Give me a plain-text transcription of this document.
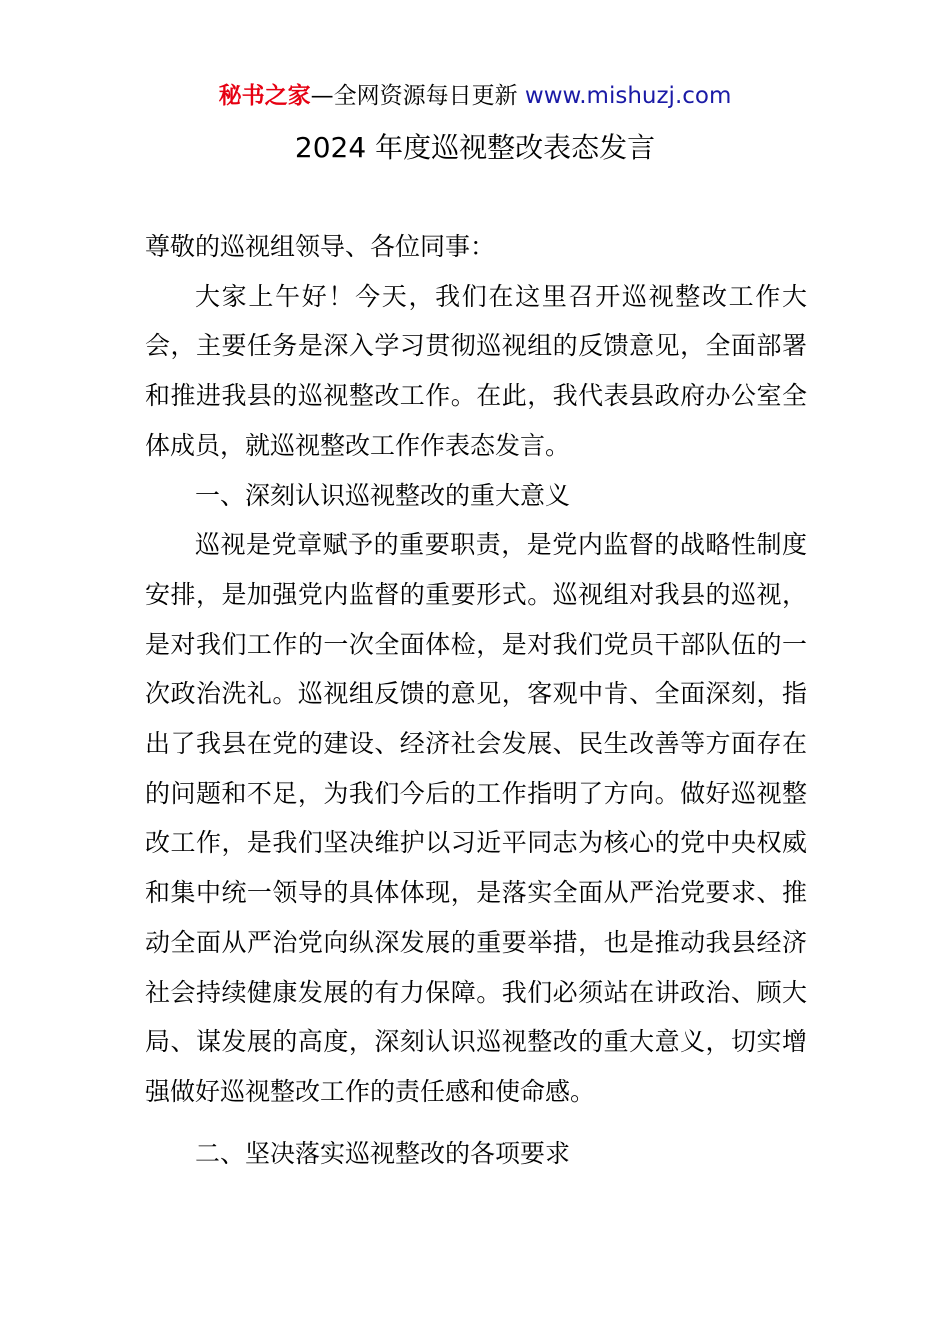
秘书之家—全网资源每日更新 www.mishuzj.com
2024 年度巡视整改表态发言

尊敬的巡视组领导、各位同事：

大家上午好！今天，我们在这里召开巡视整改工作大会，主要任务是深入学习贯彻巡视组的反馈意见，全面部署和推进我县的巡视整改工作。在此，我代表县政府办公室全体成员，就巡视整改工作作表态发言。

一、深刻认识巡视整改的重大意义

巡视是党章赋予的重要职责，是党内监督的战略性制度安排，是加强党内监督的重要形式。巡视组对我县的巡视，是对我们工作的一次全面体检，是对我们党员干部队伍的一次政治洗礼。巡视组反馈的意见，客观中肯、全面深刻，指出了我县在党的建设、经济社会发展、民生改善等方面存在的问题和不足，为我们今后的工作指明了方向。做好巡视整改工作，是我们坚决维护以习近平同志为核心的党中央权威和集中统一领导的具体体现，是落实全面从严治党要求、推动全面从严治党向纵深发展的重要举措，也是推动我县经济社会持续健康发展的有力保障。我们必须站在讲政治、顾大局、谋发展的高度，深刻认识巡视整改的重大意义，切实增强做好巡视整改工作的责任感和使命感。

二、坚决落实巡视整改的各项要求
